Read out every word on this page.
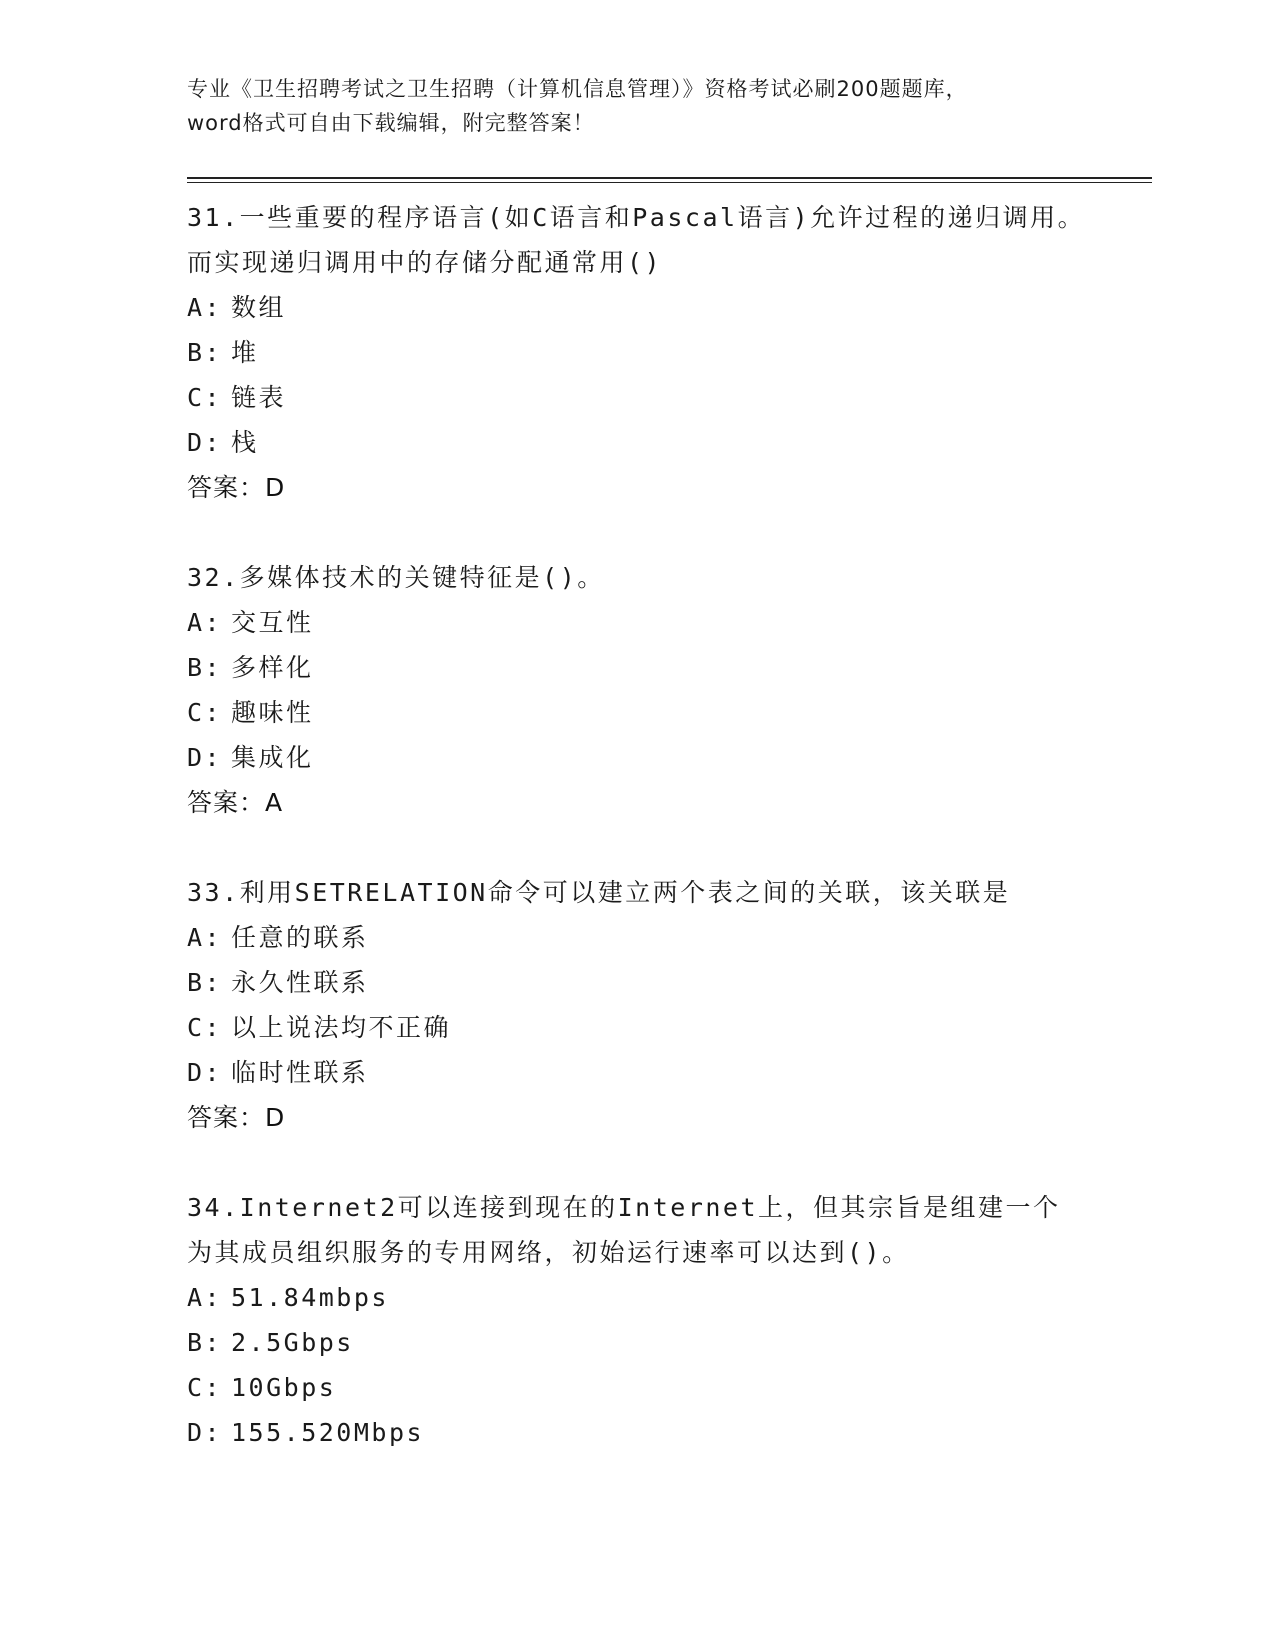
专业《卫生招聘考试之卫生招聘（计算机信息管理）》资格考试必刷200题题库，
word格式可自由下载编辑，附完整答案！
31.一些重要的程序语言(如C语言和Pascal语言)允许过程的递归调用。而实现递归调用中的存储分配通常用()
A: 数组
B: 堆
C: 链表
D: 栈
答案：D
32.多媒体技术的关键特征是()。
A: 交互性
B: 多样化
C: 趣味性
D: 集成化
答案：A
33.利用SETRELATION命令可以建立两个表之间的关联，该关联是
A: 任意的联系
B: 永久性联系
C: 以上说法均不正确
D: 临时性联系
答案：D
34.Internet2可以连接到现在的Internet上，但其宗旨是组建一个为其成员组织服务的专用网络，初始运行速率可以达到()。
A: 51.84mbps
B: 2.5Gbps
C: 10Gbps
D: 155.520Mbps
